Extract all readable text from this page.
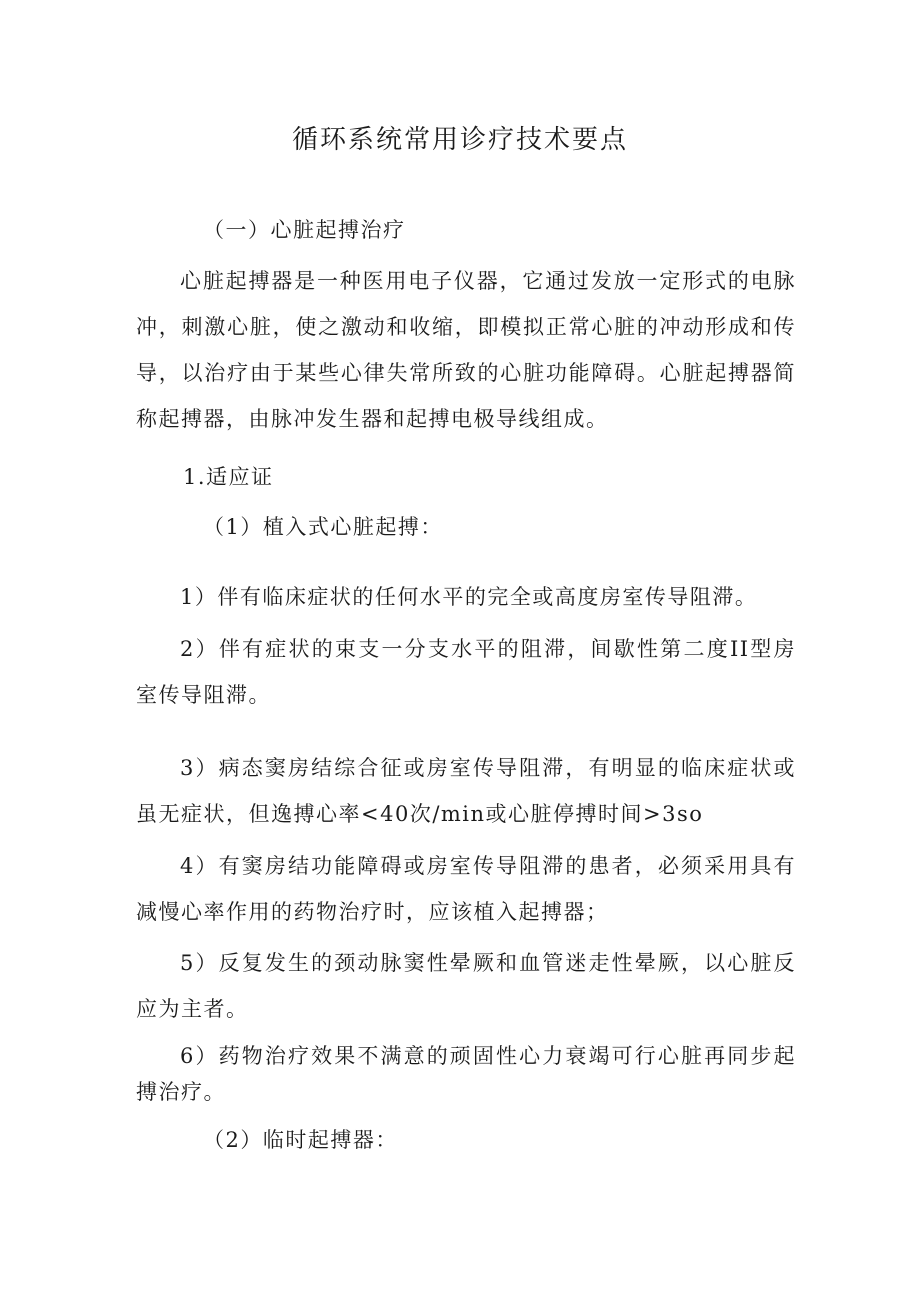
循环系统常用诊疗技术要点
（一）心脏起搏治疗
心脏起搏器是一种医用电子仪器，它通过发放一定形式的电脉冲，刺激心脏，使之激动和收缩，即模拟正常心脏的冲动形成和传导，以治疗由于某些心律失常所致的心脏功能障碍。心脏起搏器简称起搏器，由脉冲发生器和起搏电极导线组成。
1.适应证
（1）植入式心脏起搏：
1）伴有临床症状的任何水平的完全或高度房室传导阻滞。
2）伴有症状的束支一分支水平的阻滞，间歇性第二度II型房室传导阻滞。
3）病态窦房结综合征或房室传导阻滞，有明显的临床症状或虽无症状，但逸搏心率<40次/min或心脏停搏时间>3so
4）有窦房结功能障碍或房室传导阻滞的患者，必须采用具有减慢心率作用的药物治疗时，应该植入起搏器；
5）反复发生的颈动脉窦性晕厥和血管迷走性晕厥，以心脏反应为主者。
6）药物治疗效果不满意的顽固性心力衰竭可行心脏再同步起搏治疗。
（2）临时起搏器：
